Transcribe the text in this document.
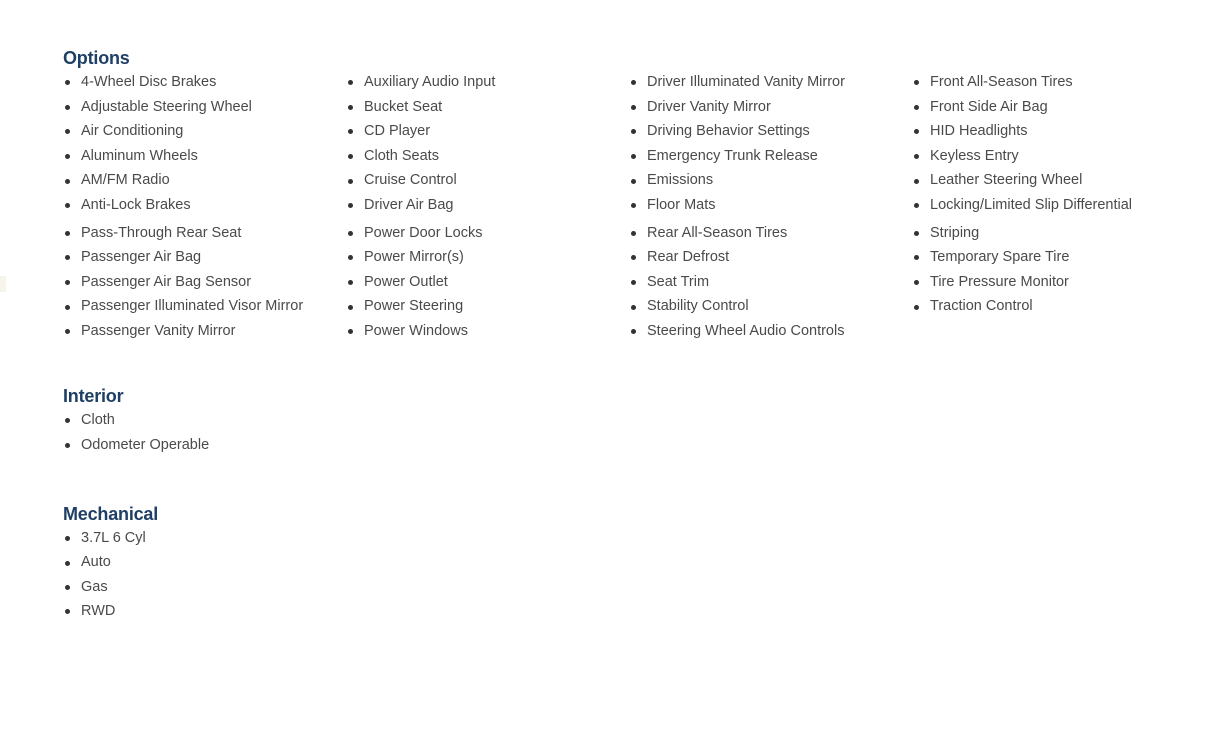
Options
4-Wheel Disc Brakes
Adjustable Steering Wheel
Air Conditioning
Aluminum Wheels
AM/FM Radio
Anti-Lock Brakes
Pass-Through Rear Seat
Passenger Air Bag
Passenger Air Bag Sensor
Passenger Illuminated Visor Mirror
Passenger Vanity Mirror
Auxiliary Audio Input
Bucket Seat
CD Player
Cloth Seats
Cruise Control
Driver Air Bag
Power Door Locks
Power Mirror(s)
Power Outlet
Power Steering
Power Windows
Driver Illuminated Vanity Mirror
Driver Vanity Mirror
Driving Behavior Settings
Emergency Trunk Release
Emissions
Floor Mats
Rear All-Season Tires
Rear Defrost
Seat Trim
Stability Control
Steering Wheel Audio Controls
Front All-Season Tires
Front Side Air Bag
HID Headlights
Keyless Entry
Leather Steering Wheel
Locking/Limited Slip Differential
Striping
Temporary Spare Tire
Tire Pressure Monitor
Traction Control
Interior
Cloth
Odometer Operable
Mechanical
3.7L 6 Cyl
Auto
Gas
RWD
